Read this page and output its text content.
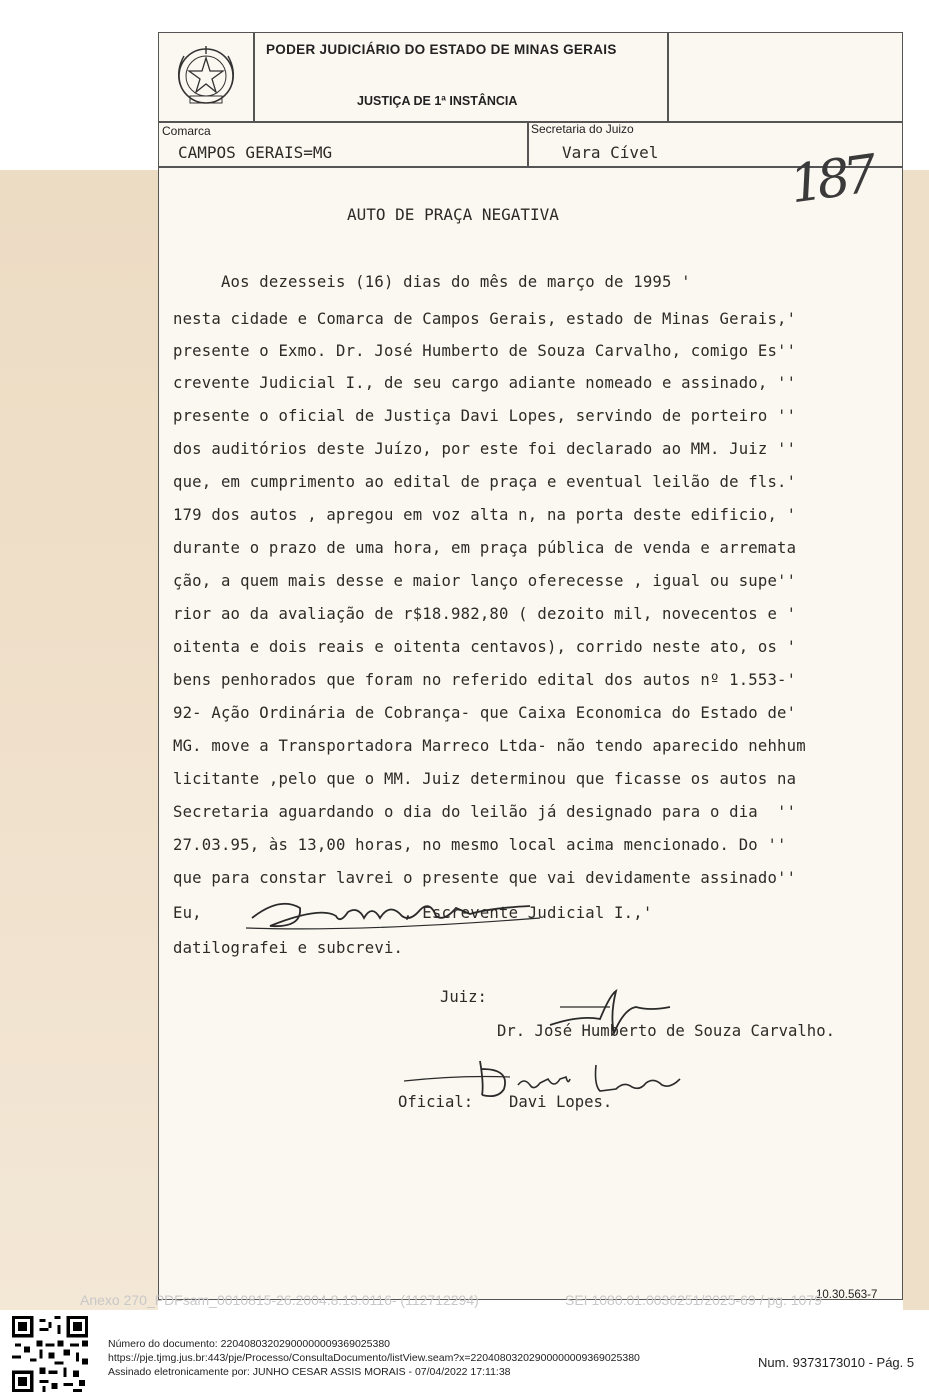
PODER JUDICIÁRIO DO ESTADO DE MINAS GERAIS
JUSTIÇA DE 1ª INSTÂNCIA
Comarca
CAMPOS GERAIS=MG
Secretaria do Juizo
Vara Cível 187
AUTO DE PRAÇA NEGATIVA
Aos dezesseis (16) dias do mês de março de 1995 '
nesta cidade e Comarca de Campos Gerais, estado de Minas Gerais,'
presente o Exmo. Dr. José Humberto de Souza Carvalho, comigo Es''
crevente Judicial I., de seu cargo adiante nomeado e assinado, ''
presente o oficial de Justiça Davi Lopes, servindo de porteiro ''
dos auditórios deste Juízo, por este foi declarado ao MM. Juiz ''
que, em cumprimento ao edital de praça e eventual leilão de fls.'
179 dos autos , apregou em voz alta n, na porta deste edificio, '
durante o prazo de uma hora, em praça pública de venda e arremata
ção, a quem mais desse e maior lanço oferecesse , igual ou supe''
rior ao da avaliação de r$18.982,80 ( dezoito mil, novecentos e '
oitenta e dois reais e oitenta centavos), corrido neste ato, os '
bens penhorados que foram no referido edital dos autos nº 1.553-'
92- Ação Ordinária de Cobrança- que Caixa Economica do Estado de'
MG. move a Transportadora Marreco Ltda- não tendo aparecido nehhum
licitante ,pelo que o MM. Juiz determinou que ficasse os autos na
Secretaria aguardando o dia do leilão já designado para o dia  ''
27.03.95, às 13,00 horas, no mesmo local acima mencionado. Do ''
que para constar lavrei o presente que vai devidamente assinado''
Eu,                     , Escrevente Judicial I.,'
datilografei e subcrevi.
Juiz:
Dr. José Humberto de Souza Carvalho.
Oficial: Davi Lopes.
10.30.563-7
Anexo 270_PDFsam_0010815-26.2004.8.13.0116- (112712294)	SEI 1080.01.0036251/2025-69 / pg. 1079
Número do documento: 22040803202900000009369025380
https://pje.tjmg.jus.br:443/pje/Processo/ConsultaDocumento/listView.seam?x=22040803202900000009369025380
Assinado eletronicamente por: JUNHO CESAR ASSIS MORAIS - 07/04/2022 17:11:38
Num. 9373173010 - Pág. 5
